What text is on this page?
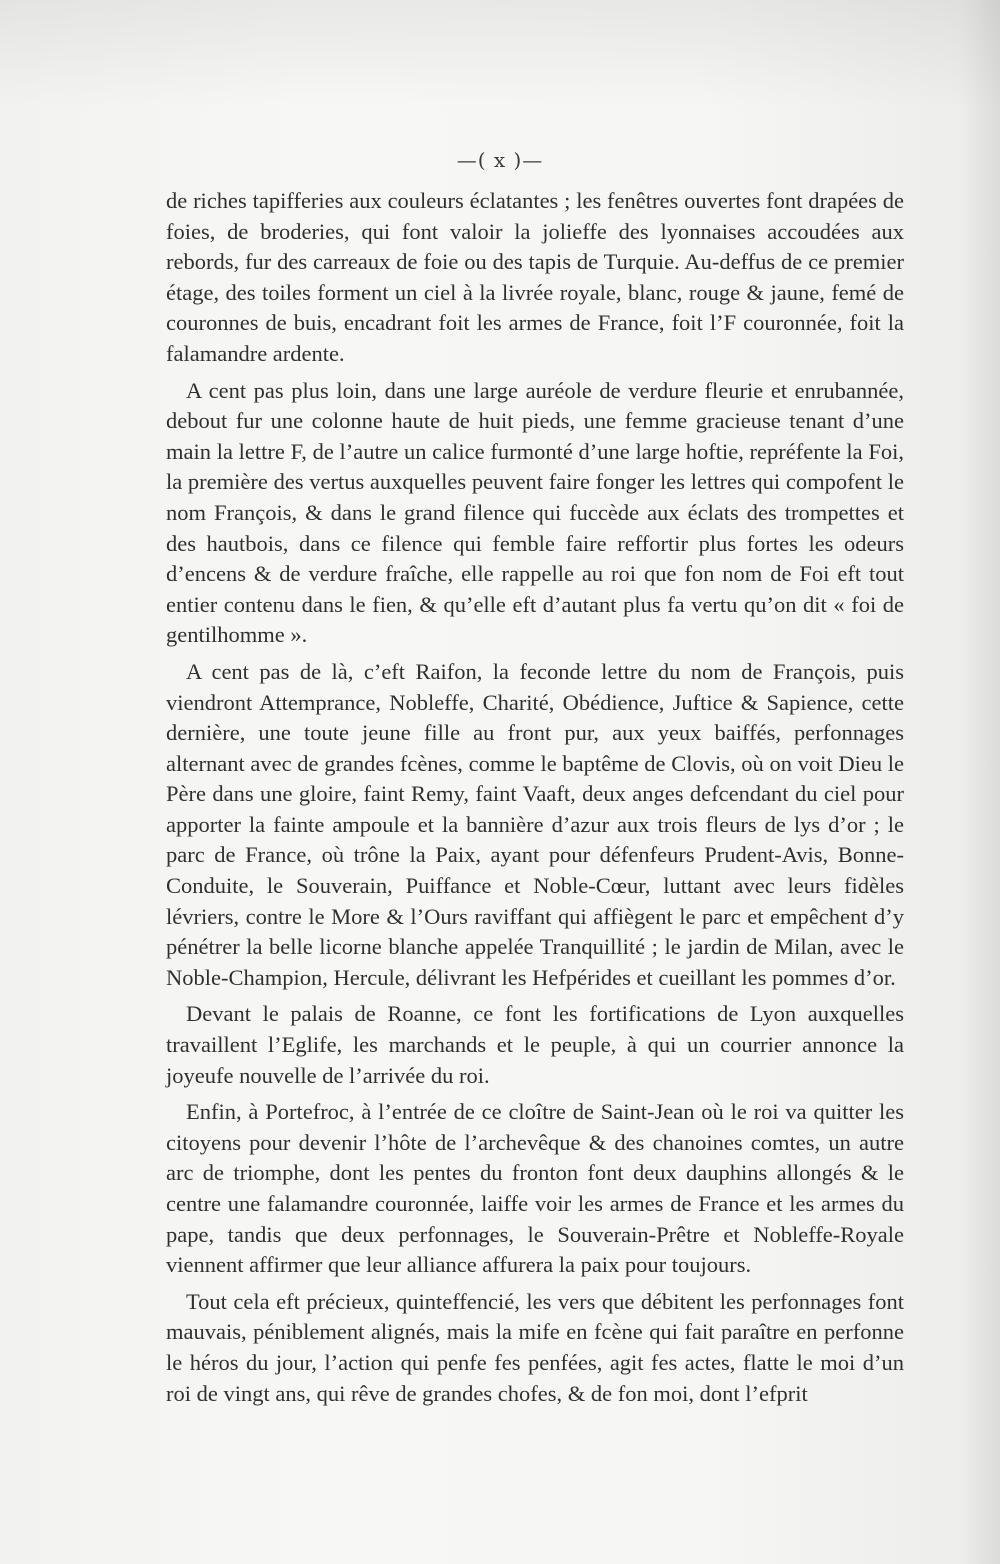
—( x )—

de riches tapifferies aux couleurs éclatantes ; les fenêtres ouvertes font drapées de foies, de broderies, qui font valoir la jolieffe des lyonnaises accoudées aux rebords, fur des carreaux de foie ou des tapis de Turquie. Au-deffus de ce premier étage, des toiles forment un ciel à la livrée royale, blanc, rouge & jaune, femé de couronnes de buis, encadrant foit les armes de France, foit l’F couronnée, foit la falamandre ardente.

A cent pas plus loin, dans une large auréole de verdure fleurie et enrubannée, debout fur une colonne haute de huit pieds, une femme gracieuse tenant d’une main la lettre F, de l’autre un calice furmonté d’une large hoftie, repréfente la Foi, la première des vertus auxquelles peuvent faire fonger les lettres qui compofent le nom François, & dans le grand filence qui fuccède aux éclats des trompettes et des hautbois, dans ce filence qui femble faire reffortir plus fortes les odeurs d’encens & de verdure fraîche, elle rappelle au roi que fon nom de Foi eft tout entier contenu dans le fien, & qu’elle eft d’autant plus fa vertu qu’on dit « foi de gentilhomme ».

A cent pas de là, c’eft Raifon, la feconde lettre du nom de François, puis viendront Attemprance, Nobleffe, Charité, Obédience, Juftice & Sapience, cette dernière, une toute jeune fille au front pur, aux yeux baiffés, perfonnages alternant avec de grandes fcènes, comme le baptême de Clovis, où on voit Dieu le Père dans une gloire, faint Remy, faint Vaaft, deux anges defcendant du ciel pour apporter la fainte ampoule et la bannière d’azur aux trois fleurs de lys d’or ; le parc de France, où trône la Paix, ayant pour défenfeurs Prudent-Avis, Bonne-Conduite, le Souverain, Puiffance et Noble-Cœur, luttant avec leurs fidèles lévriers, contre le More & l’Ours raviffant qui affiègent le parc et empêchent d’y pénétrer la belle licorne blanche appelée Tranquillité ; le jardin de Milan, avec le Noble-Champion, Hercule, délivrant les Hefpérides et cueillant les pommes d’or.

Devant le palais de Roanne, ce font les fortifications de Lyon auxquelles travaillent l’Eglife, les marchands et le peuple, à qui un courrier annonce la joyeufe nouvelle de l’arrivée du roi.

Enfin, à Portefroc, à l’entrée de ce cloître de Saint-Jean où le roi va quitter les citoyens pour devenir l’hôte de l’archevêque & des chanoines comtes, un autre arc de triomphe, dont les pentes du fronton font deux dauphins allongés & le centre une falamandre couronnée, laiffe voir les armes de France et les armes du pape, tandis que deux perfonnages, le Souverain-Prêtre et Nobleffe-Royale viennent affirmer que leur alliance affurera la paix pour toujours.

Tout cela eft précieux, quinteffencié, les vers que débitent les perfonnages font mauvais, péniblement alignés, mais la mife en fcène qui fait paraître en perfonne le héros du jour, l’action qui penfe fes penfées, agit fes actes, flatte le moi d’un roi de vingt ans, qui rêve de grandes chofes, & de fon moi, dont l’efprit
